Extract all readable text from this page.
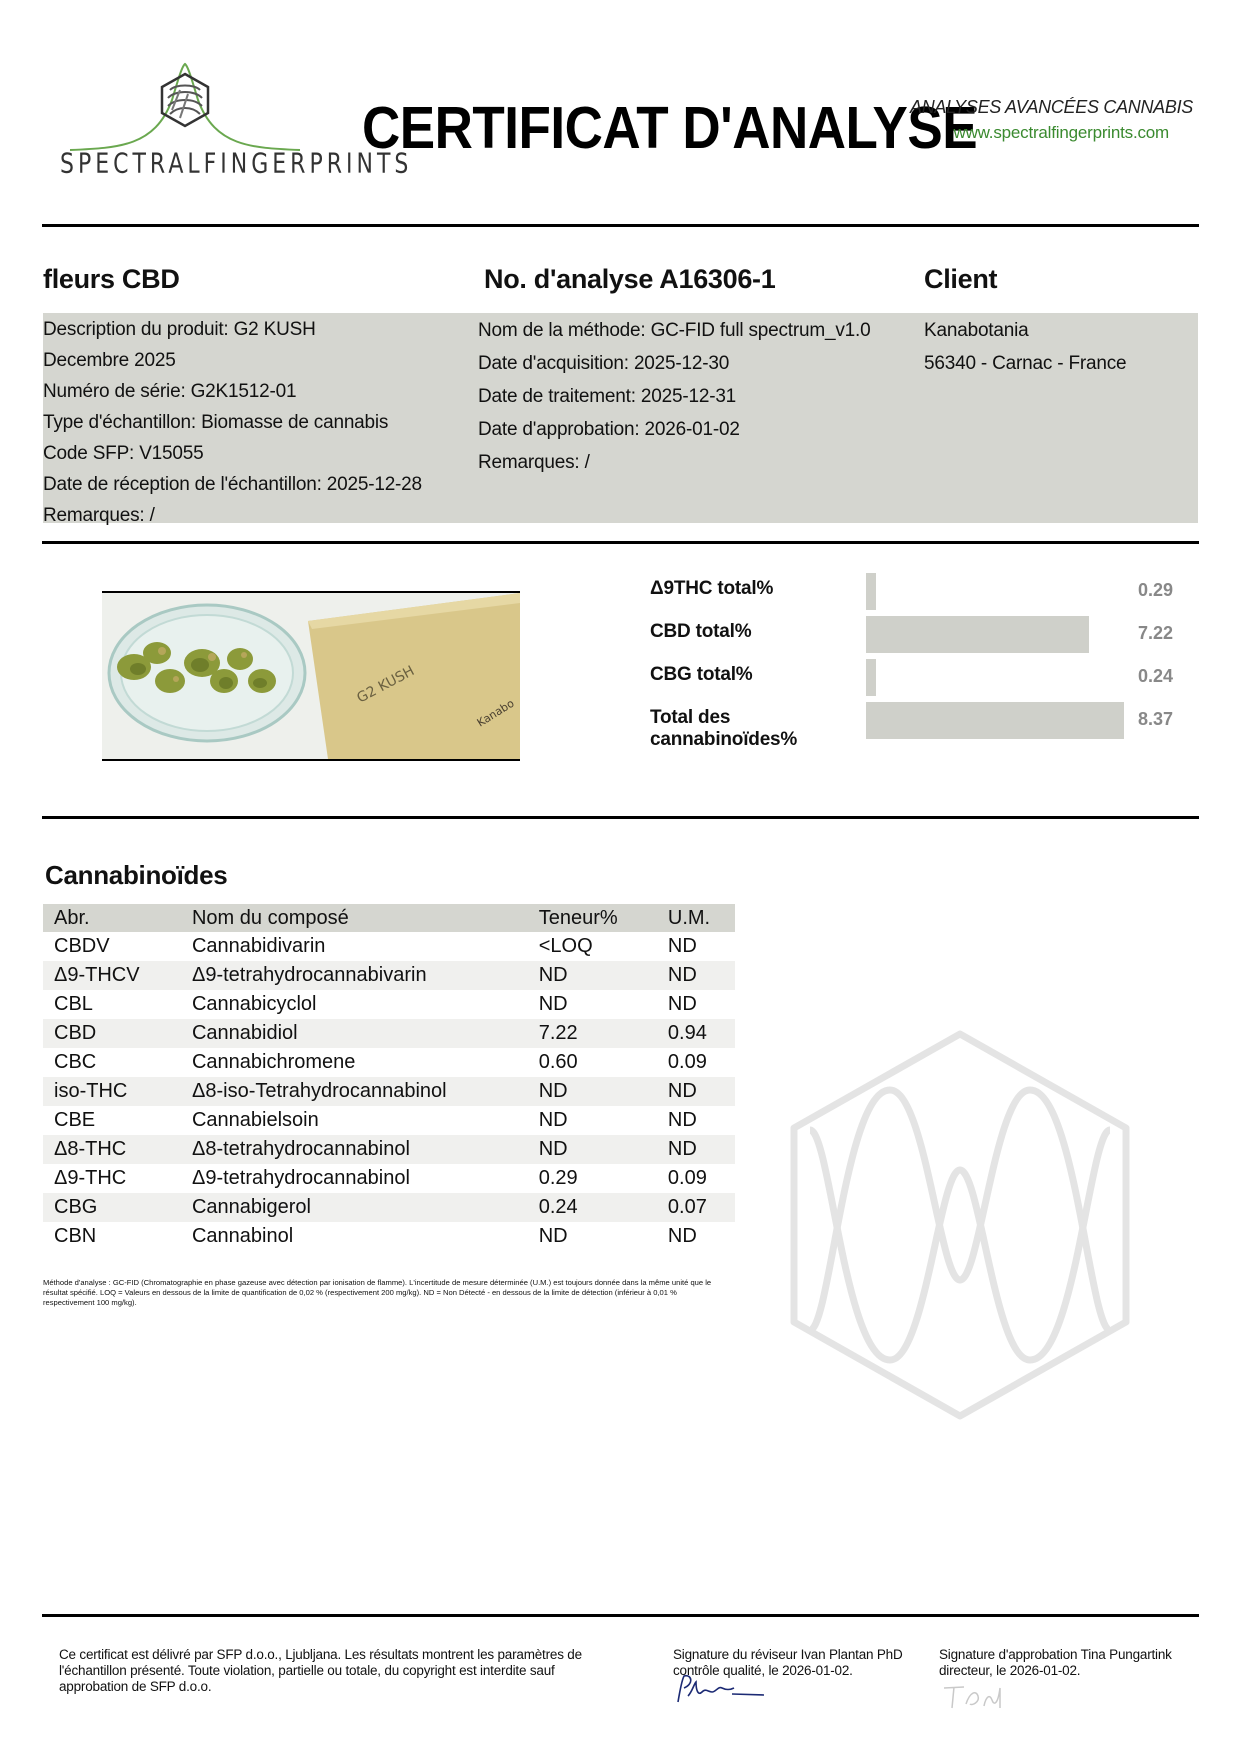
SPECTRALFINGERPRINTS
CERTIFICAT D'ANALYSE
ANALYSES AVANCÉES CANNABIS
www.spectralfingerprints.com
fleurs CBD	No. d'analyse A16306-1	Client
Description du produit: G2 KUSH
Decembre 2025
Numéro de série: G2K1512-01
Type d'échantillon: Biomasse de cannabis
Code SFP: V15055
Date de réception de l'échantillon: 2025-12-28
Remarques: /
Nom de la méthode: GC-FID full spectrum_v1.0
Date d'acquisition: 2025-12-30
Date de traitement: 2025-12-31
Date d'approbation: 2026-01-02
Remarques: /
Kanabotania
56340 - Carnac - France
G2 KUSH
Kanabo
Δ9THC total%
CBD total%
CBG total%
Total des cannabinoïdes%
0.29
7.22
0.24
8.37
Cannabinoïdes
Abr.	Nom du composé	Teneur%	U.M.
CBDV	Cannabidivarin	<LOQ	ND
Δ9-THCV	Δ9-tetrahydrocannabivarin	ND	ND
CBL	Cannabicyclol	ND	ND
CBD	Cannabidiol	7.22	0.94
CBC	Cannabichromene	0.60	0.09
iso-THC	Δ8-iso-Tetrahydrocannabinol	ND	ND
CBE	Cannabielsoin	ND	ND
Δ8-THC	Δ8-tetrahydrocannabinol	ND	ND
Δ9-THC	Δ9-tetrahydrocannabinol	0.29	0.09
CBG	Cannabigerol	0.24	0.07
CBN	Cannabinol	ND	ND
Méthode d'analyse : GC-FID (Chromatographie en phase gazeuse avec détection par ionisation de flamme). L'incertitude de mesure déterminée (U.M.) est toujours donnée dans la même unité que le résultat spécifié. LOQ = Valeurs en dessous de la limite de quantification de 0,02 % (respectivement 200 mg/kg). ND = Non Détecté - en dessous de la limite de détection (inférieur à 0,01 % respectivement 100 mg/kg).
Ce certificat est délivré par SFP d.o.o., Ljubljana. Les résultats montrent les paramètres de l'échantillon présenté. Toute violation, partielle ou totale, du copyright est interdite sauf approbation de SFP d.o.o.
Signature du réviseur Ivan Plantan PhD contrôle qualité, le 2026-01-02.
Signature d'approbation Tina Pungartink directeur, le 2026-01-02.
